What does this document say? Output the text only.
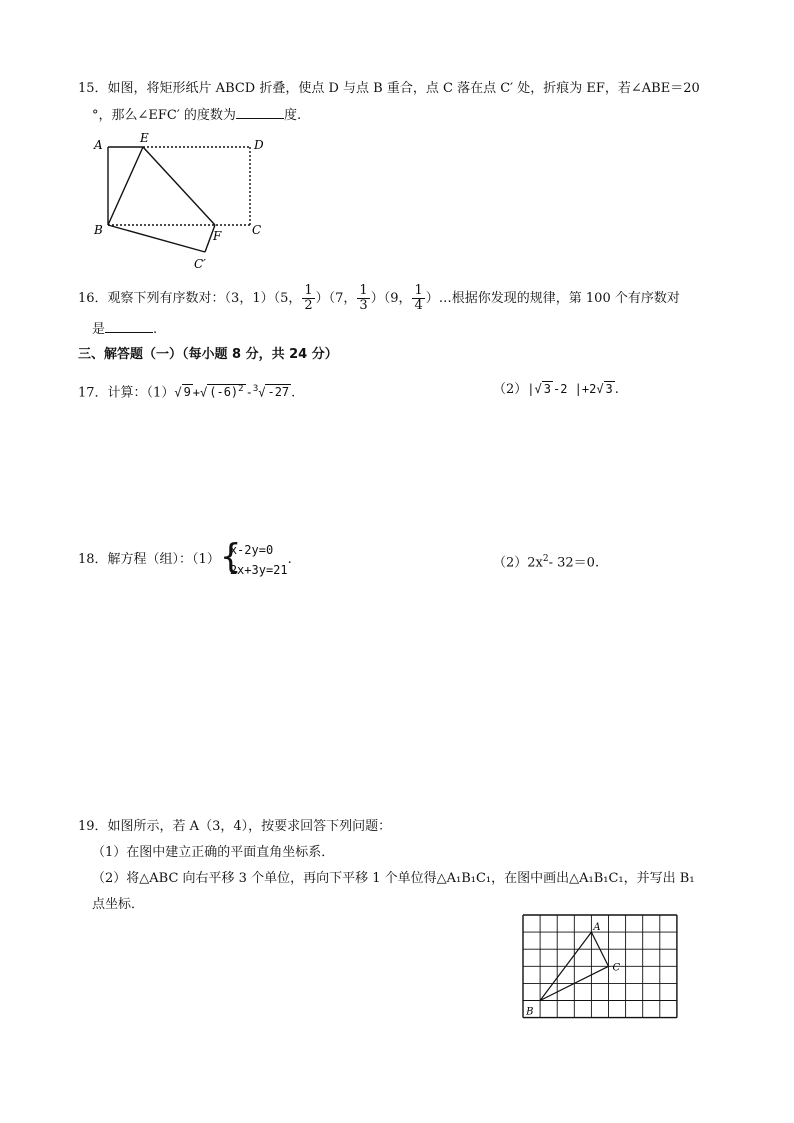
15．如图，将矩形纸片 ABCD 折叠，使点 D 与点 B 重合，点 C 落在点 C′ 处，折痕为 EF，若∠ABE＝20
°，那么∠EFC′ 的度数为	度.
A	E	D
B	F	C
C′
16．观察下列有序数对：（3，1）（5， $\frac{1}{2} )(7$， $\frac{1}{3} )(9$， $\frac{1}{4}$ ）…根据你发现的规律，第 100 个有序数对
是	.
三、解答题（一）（每小题 8 分，共 24 分）
17．计算：（1）√ 9 +√ $(-6)^2$ -$^3$√ -27 .	（2）|√ 3 -2 |+2√ 3 .
18．解方程（组）：（1） {
x-2y=0
2x+3y=21
.	$(2)2x^2-$ 32＝0.
19．如图所示，若 A（3，4），按要求回答下列问题：
（1）在图中建立正确的平面直角坐标系．
（2）将△ABC 向右平移 3 个单位，再向下平移 1 个单位得△A₁B₁C₁，在图中画出△A₁B₁C₁，并写出 B₁
点坐标．
A
B
C
